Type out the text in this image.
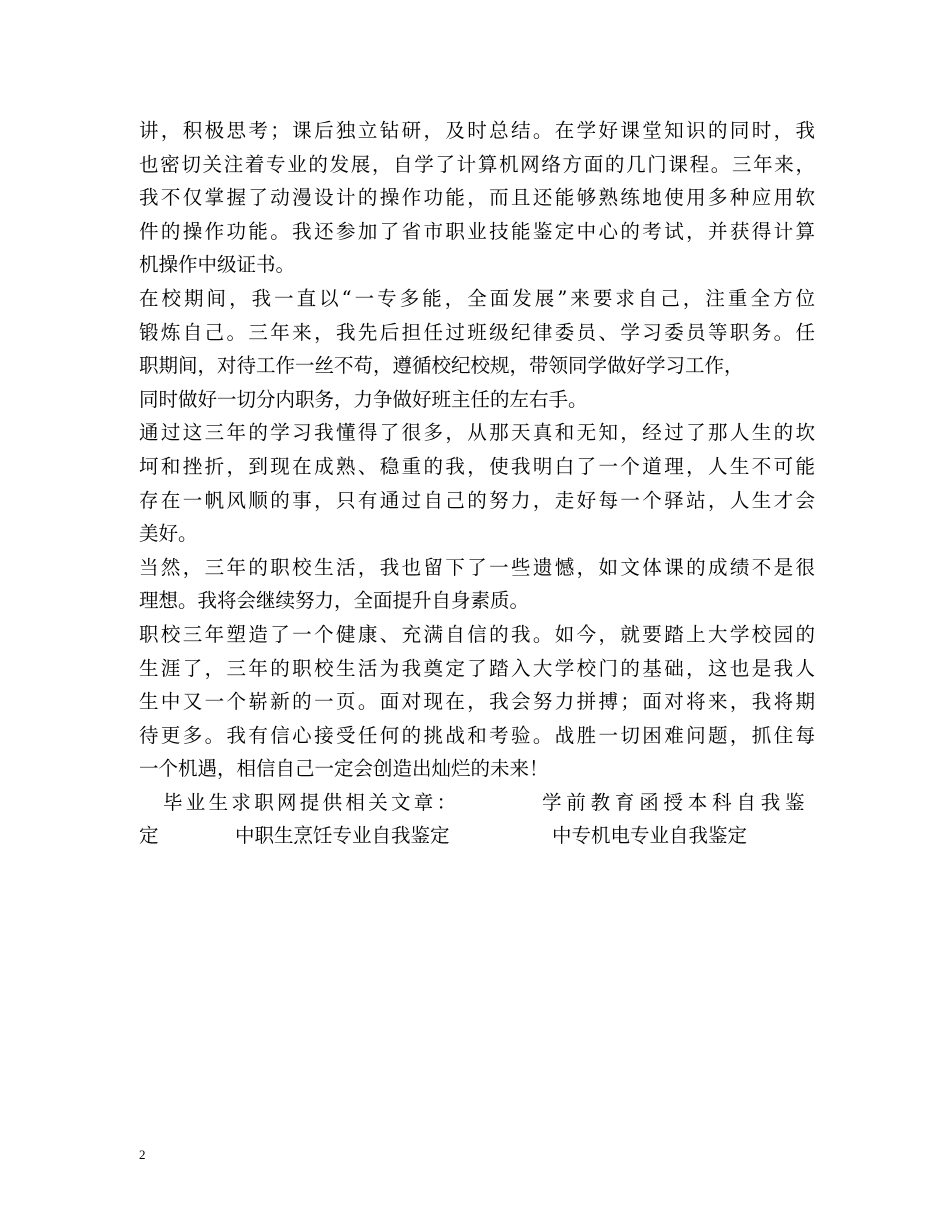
讲，积极思考；课后独立钻研，及时总结。在学好课堂知识的同时，我
也密切关注着专业的发展，自学了计算机网络方面的几门课程。三年来，
我不仅掌握了动漫设计的操作功能，而且还能够熟练地使用多种应用软
件的操作功能。我还参加了省市职业技能鉴定中心的考试，并获得计算
机操作中级证书。
在校期间，我一直以“一专多能，全面发展”来要求自己，注重全方位
锻炼自己。三年来，我先后担任过班级纪律委员、学习委员等职务。任
职期间，对待工作一丝不苟，遵循校纪校规，带领同学做好学习工作，
同时做好一切分内职务，力争做好班主任的左右手。
通过这三年的学习我懂得了很多，从那天真和无知，经过了那人生的坎
坷和挫折，到现在成熟、稳重的我，使我明白了一个道理，人生不可能
存在一帆风顺的事，只有通过自己的努力，走好每一个驿站，人生才会
美好。
当然，三年的职校生活，我也留下了一些遗憾，如文体课的成绩不是很
理想。我将会继续努力，全面提升自身素质。
职校三年塑造了一个健康、充满自信的我。如今，就要踏上大学校园的
生涯了，三年的职校生活为我奠定了踏入大学校门的基础，这也是我人
生中又一个崭新的一页。面对现在，我会努力拼搏；面对将来，我将期
待更多。我有信心接受任何的挑战和考验。战胜一切困难问题，抓住每
一个机遇，相信自己一定会创造出灿烂的未来！
毕业生求职网提供相关文章：	学前教育函授本科自我鉴
定	中职生烹饪专业自我鉴定	中专机电专业自我鉴定
2
